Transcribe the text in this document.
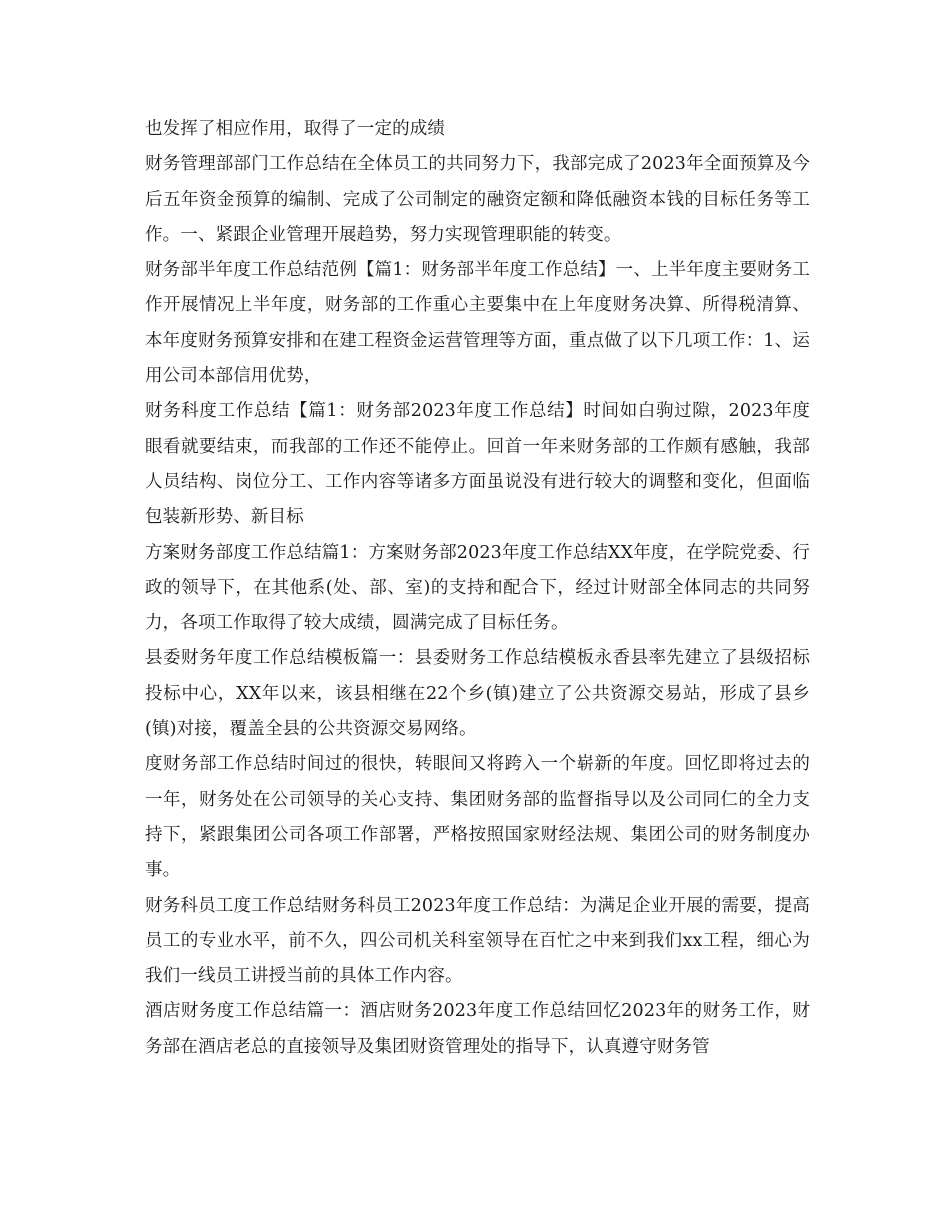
也发挥了相应作用，取得了一定的成绩

财务管理部部门工作总结在全体员工的共同努力下，我部完成了2023年全面预算及今后五年资金预算的编制、完成了公司制定的融资定额和降低融资本钱的目标任务等工作。一、紧跟企业管理开展趋势，努力实现管理职能的转变。

财务部半年度工作总结范例【篇1：财务部半年度工作总结】一、上半年度主要财务工作开展情况上半年度，财务部的工作重心主要集中在上年度财务决算、所得税清算、本年度财务预算安排和在建工程资金运营管理等方面，重点做了以下几项工作：1、运用公司本部信用优势，

财务科度工作总结【篇1：财务部2023年度工作总结】时间如白驹过隙，2023年度眼看就要结束，而我部的工作还不能停止。回首一年来财务部的工作颇有感触，我部人员结构、岗位分工、工作内容等诸多方面虽说没有进行较大的调整和变化，但面临包装新形势、新目标

方案财务部度工作总结篇1：方案财务部2023年度工作总结XX年度，在学院党委、行政的领导下，在其他系(处、部、室)的支持和配合下，经过计财部全体同志的共同努力，各项工作取得了较大成绩，圆满完成了目标任务。

县委财务年度工作总结模板篇一：县委财务工作总结模板永香县率先建立了县级招标投标中心，XX年以来，该县相继在22个乡(镇)建立了公共资源交易站，形成了县乡(镇)对接，覆盖全县的公共资源交易网络。

度财务部工作总结时间过的很快，转眼间又将跨入一个崭新的年度。回忆即将过去的一年，财务处在公司领导的关心支持、集团财务部的监督指导以及公司同仁的全力支持下，紧跟集团公司各项工作部署，严格按照国家财经法规、集团公司的财务制度办事。

财务科员工度工作总结财务科员工2023年度工作总结：为满足企业开展的需要，提高员工的专业水平，前不久，四公司机关科室领导在百忙之中来到我们xx工程，细心为我们一线员工讲授当前的具体工作内容。

酒店财务度工作总结篇一：酒店财务2023年度工作总结回忆2023年的财务工作，财务部在酒店老总的直接领导及集团财资管理处的指导下，认真遵守财务管
